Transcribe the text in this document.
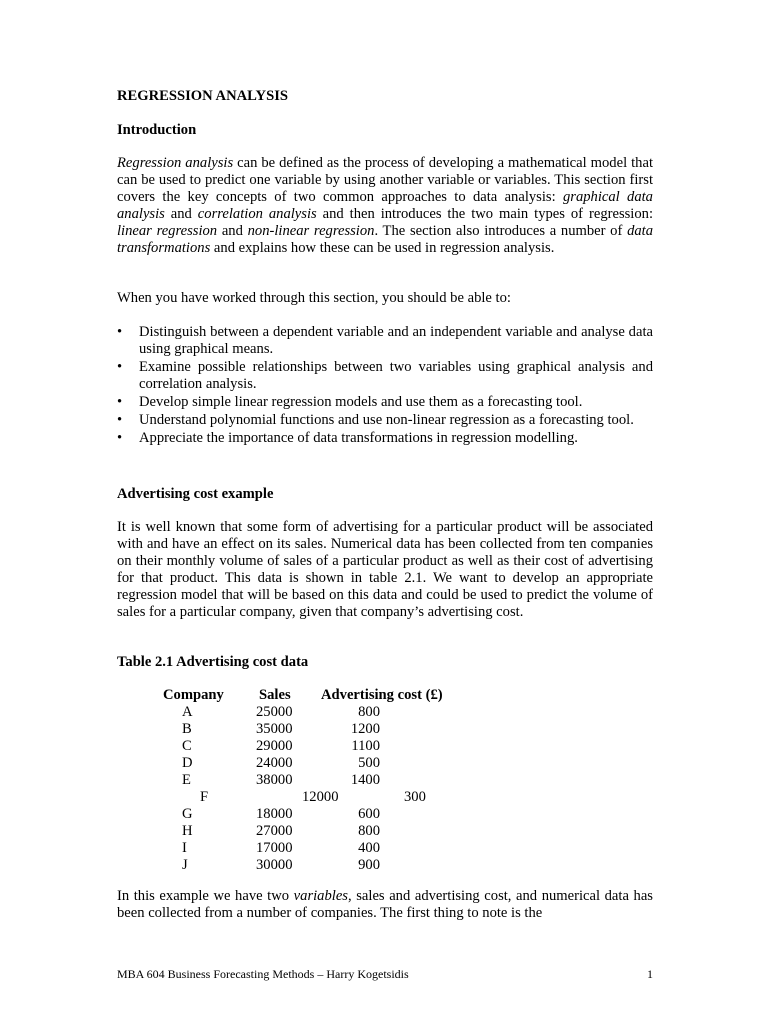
REGRESSION ANALYSIS
Introduction
Regression analysis can be defined as the process of developing a mathematical model that can be used to predict one variable by using another variable or variables. This section first covers the key concepts of two common approaches to data analysis: graphical data analysis and correlation analysis and then introduces the two main types of regression: linear regression and non-linear regression. The section also introduces a number of data transformations and explains how these can be used in regression analysis.
When you have worked through this section, you should be able to:
• Distinguish between a dependent variable and an independent variable and analyse data using graphical means.
• Examine possible relationships between two variables using graphical analysis and correlation analysis.
• Develop simple linear regression models and use them as a forecasting tool.
• Understand polynomial functions and use non-linear regression as a forecasting tool.
• Appreciate the importance of data transformations in regression modelling.
Advertising cost example
It is well known that some form of advertising for a particular product will be associated with and have an effect on its sales. Numerical data has been collected from ten companies on their monthly volume of sales of a particular product as well as their cost of advertising for that product. This data is shown in table 2.1. We want to develop an appropriate regression model that will be based on this data and could be used to predict the volume of sales for a particular company, given that company’s advertising cost.
Table 2.1 Advertising cost data
Company Sales Advertising cost (£)
A	25000	800
B	35000	1200
C	29000	1100
D	24000	500
E	38000	1400
F	12000	300
G	18000	600
H	27000	800
I	17000	400
J	30000	900
In this example we have two variables, sales and advertising cost, and numerical data has been collected from a number of companies. The first thing to note is the
MBA 604 Business Forecasting Methods – Harry Kogetsidis	1
